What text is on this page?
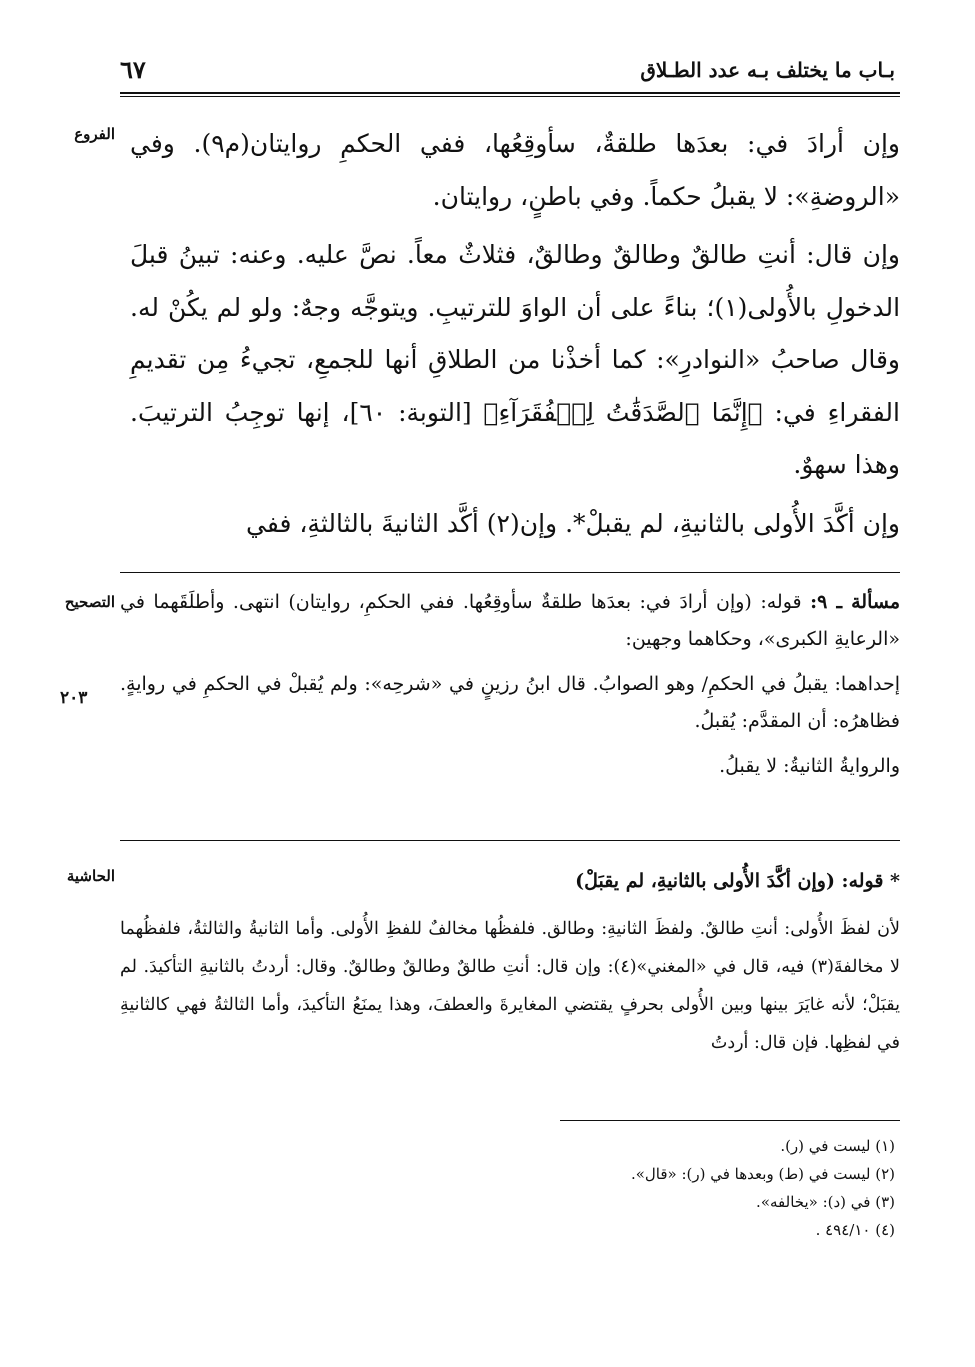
٦٧	بـاب ما يختلف بـه عدد الطـلاق
الفروع
التصحيح
الحاشية
٢٠٣

وإن أرادَ في: بعدَها طلقةٌ، سأوقِعُها، ففي الحكمِ روايتان(م٩). وفي «الروضةِ»: لا يقبلُ حكماً. وفي باطنٍ، روايتان.

وإن قال: أنتِ طالقٌ وطالقٌ وطالقٌ، فثلاثٌ معاً. نصَّ عليه. وعنه: تبينُ قبلَ الدخولِ بالأُولى(١)؛ بناءً على أن الواوَ للترتيبِ. ويتوجَّه وجهٌ: ولو لم يكُنْ له. وقال صاحبُ «النوادرِ»: كما أخذْنا من الطلاقِ أنها للجمعِ، تجيءُ مِن تقديمِ الفقراءِ في: ﴿إِنَّمَا ٱلصَّدَقَٰتُ لِلۡفُقَرَآءِ﴾ [التوبة: ٦٠]، إنها توجِبُ الترتيبَ. وهذا سهوٌ.

وإن أكَّدَ الأُولى بالثانيةِ، لم يقبلْ*. وإن(٢) أكَّد الثانيةَ بالثالثةِ، ففي

مسألة ـ ٩: قوله: (وإن أرادَ في: بعدَها طلقةٌ سأوقِعُها. ففي الحكمِ، روايتان) انتهى. وأطلَقَهما في «الرعايةِ الكبرى»، وحكاهما وجهين:

إحداهما: يقبلُ في الحكمِ/ وهو الصوابُ. قال ابنُ رزينٍ في «شرحِه»: ولم يُقبلْ في الحكمِ في روايةٍ. فظاهرُه: أن المقدَّم: يُقبلُ.

والروايةُ الثانيةُ: لا يقبلُ.

* قوله: (وإن أكَّدَ الأُولى بالثانيةِ، لم يقبَلْ)

لأن لفظَ الأُولى: أنتِ طالقٌ. ولفظَ الثانيةِ: وطالق. فلفظُها مخالفٌ للفظِ الأُولى. وأما الثانيةُ والثالثةُ، فلفظُهما لا مخالفةَ(٣) فيه، قال في «المغني»(٤): وإن قال: أنتِ طالقٌ وطالقٌ وطالقٌ. وقال: أردتُ بالثانيةِ التأكيدَ. لم يقبَلْ؛ لأنه غايَرَ بينها وبين الأُولى بحرفٍ يقتضي المغايرةَ والعطفَ، وهذا يمنَعُ التأكيدَ، وأما الثالثةُ فهي كالثانيةِ في لفظِها. فإن قال: أردتُ

(١) ليست في (ر).

(٢) ليست في (ط) وبعدها في (ر): «قال».

(٣) في (د): «يخالفه».

(٤) ٤٩٤/١٠ .
